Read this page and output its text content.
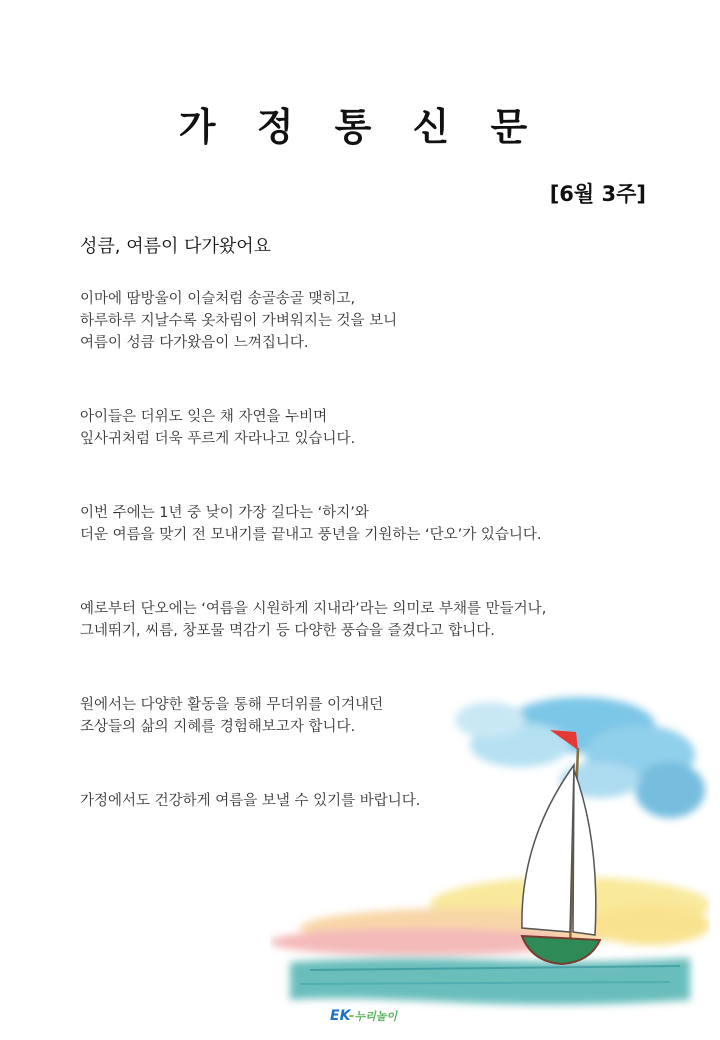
가 정 통 신 문
[6월 3주]
성큼, 여름이 다가왔어요
이마에 땀방울이 이슬처럼 송골송골 맺히고,
하루하루 지날수록 옷차림이 가벼워지는 것을 보니
여름이 성큼 다가왔음이 느껴집니다.
아이들은 더위도 잊은 채 자연을 누비며
잎사귀처럼 더욱 푸르게 자라나고 있습니다.
이번 주에는 1년 중 낮이 가장 길다는 ‘하지’와
더운 여름을 맞기 전 모내기를 끝내고 풍년을 기원하는 ‘단오’가 있습니다.
예로부터 단오에는 ‘여름을 시원하게 지내라’라는 의미로 부채를 만들거나,
그네뛰기, 씨름, 창포물 멱감기 등 다양한 풍습을 즐겼다고 합니다.
원에서는 다양한 활동을 통해 무더위를 이겨내던
조상들의 삶의 지혜를 경험해보고자 합니다.
가정에서도 건강하게 여름을 보낼 수 있기를 바랍니다.
EK-누리놀이
